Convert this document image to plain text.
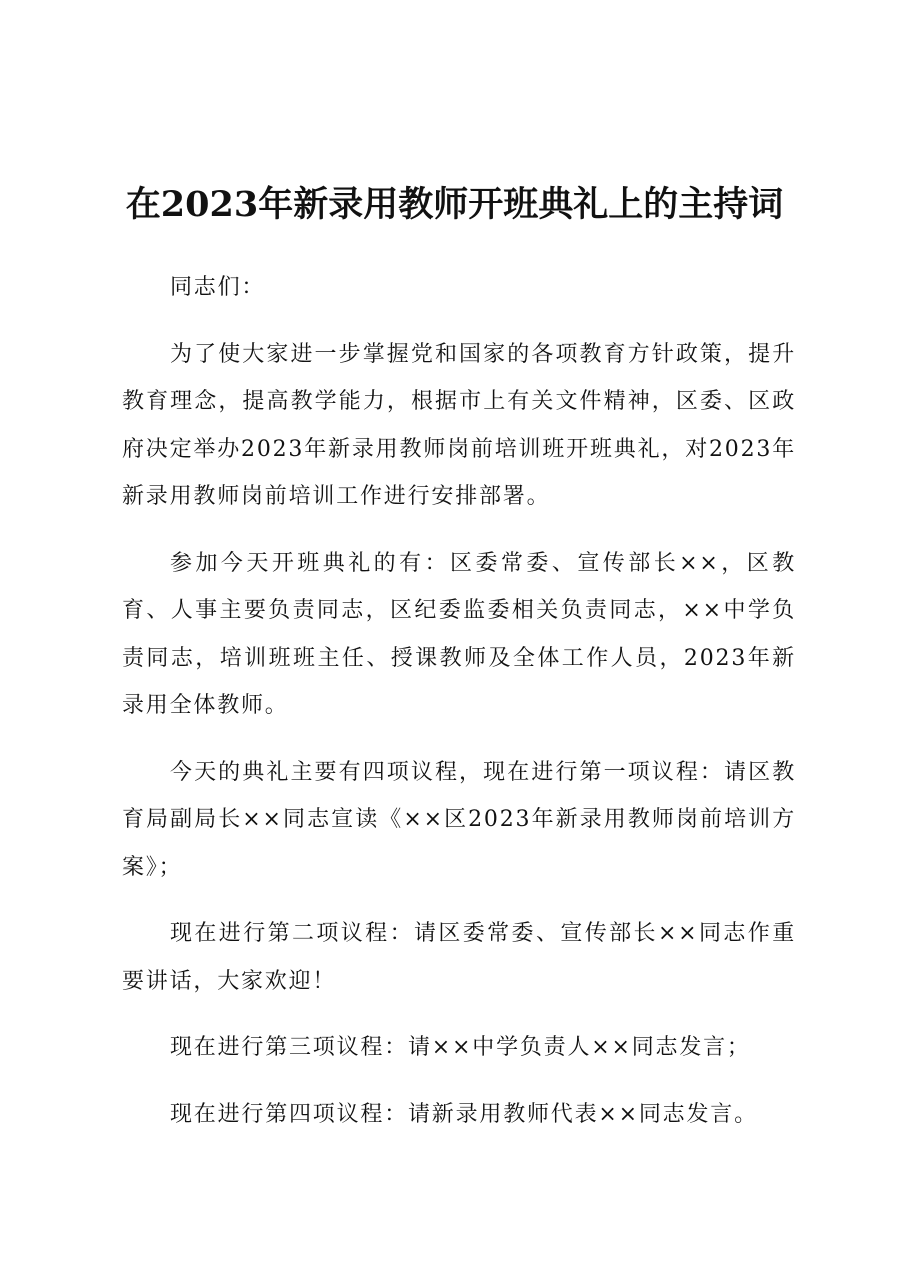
在2023年新录用教师开班典礼上的主持词

同志们：

为了使大家进一步掌握党和国家的各项教育方针政策，提升教育理念，提高教学能力，根据市上有关文件精神，区委、区政府决定举办2023年新录用教师岗前培训班开班典礼，对2023年新录用教师岗前培训工作进行安排部署。

参加今天开班典礼的有：区委常委、宣传部长××，区教育、人事主要负责同志，区纪委监委相关负责同志，××中学负责同志，培训班班主任、授课教师及全体工作人员，2023年新录用全体教师。

今天的典礼主要有四项议程，现在进行第一项议程：请区教育局副局长××同志宣读《××区2023年新录用教师岗前培训方案》；

现在进行第二项议程：请区委常委、宣传部长××同志作重要讲话，大家欢迎！

现在进行第三项议程：请××中学负责人××同志发言；

现在进行第四项议程：请新录用教师代表××同志发言。
